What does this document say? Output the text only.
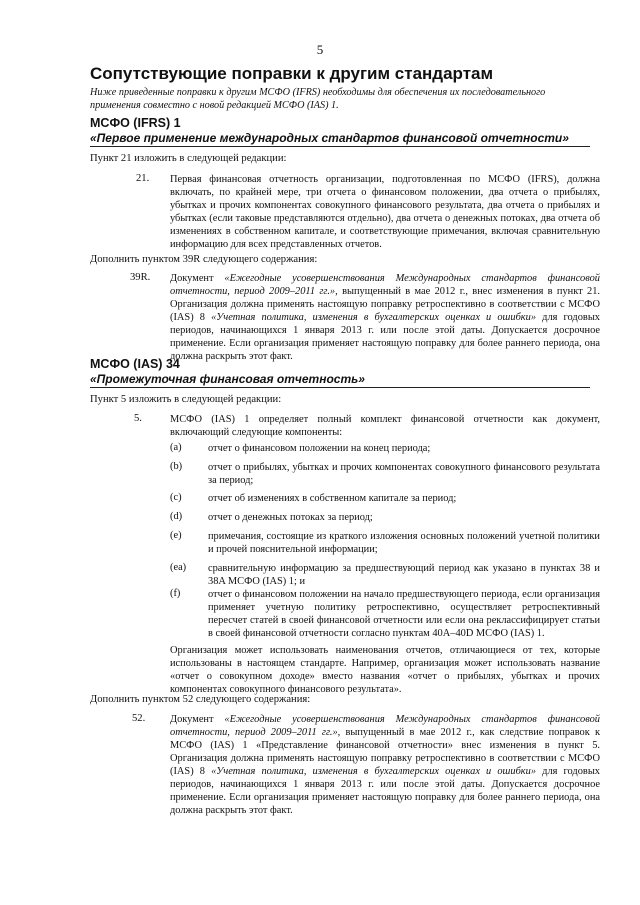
5
Сопутствующие поправки к другим стандартам
Ниже приведенные поправки к другим МСФО (IFRS) необходимы для обеспечения их последовательного применения совместно с новой редакцией МСФО (IAS) 1.
МСФО (IFRS) 1
«Первое применение международных стандартов финансовой отчетности»
Пункт 21 изложить в следующей редакции:
21. Первая финансовая отчетность организации, подготовленная по МСФО (IFRS), должна включать, по крайней мере, три отчета о финансовом положении, два отчета о прибылях, убытках и прочих компонентах совокупного финансового результата, два отчета о прибылях и убытках (если таковые представляются отдельно), два отчета о денежных потоках, два отчета об изменениях в собственном капитале, и соответствующие примечания, включая сравнительную информацию для всех представленных отчетов.
Дополнить пунктом 39R следующего содержания:
39R. Документ «Ежегодные усовершенствования Международных стандартов финансовой отчетности, период 2009–2011 гг.», выпущенный в мае 2012 г., внес изменения в пункт 21. Организация должна применять настоящую поправку ретроспективно в соответствии с МСФО (IAS) 8 «Учетная политика, изменения в бухгалтерских оценках и ошибки» для годовых периодов, начинающихся 1 января 2013 г. или после этой даты. Допускается досрочное применение. Если организация применяет настоящую поправку для более раннего периода, она должна раскрыть этот факт.
МСФО (IAS) 34
«Промежуточная финансовая отчетность»
Пункт 5 изложить в следующей редакции:
5.	МСФО (IAS) 1 определяет полный комплект финансовой отчетности как документ, включающий следующие компоненты:
(a)	отчет о финансовом положении на конец периода;
(b) отчет о прибылях, убытках и прочих компонентах совокупного финансового результата за период;
(c)	отчет об изменениях в собственном капитале за период;
(d) отчет о денежных потоках за период;
(e)	примечания, состоящие из краткого изложения основных положений учетной политики и прочей пояснительной информации;
(ea) сравнительную информацию за предшествующий период как указано в пунктах 38 и 38A МСФО (IAS) 1; и
(f)	отчет о финансовом положении на начало предшествующего периода, если организация применяет учетную политику ретроспективно, осуществляет ретроспективный пересчет статей в своей финансовой отчетности или если она реклассифицирует статьи в своей финансовой отчетности согласно пунктам 40A–40D МСФО (IAS) 1.
Организация может использовать наименования отчетов, отличающиеся от тех, которые использованы в настоящем стандарте. Например, организация может использовать название «отчет о совокупном доходе» вместо названия «отчет о прибылях, убытках и прочих компонентах совокупного финансового результата».
Дополнить пунктом 52 следующего содержания:
52. Документ «Ежегодные усовершенствования Международных стандартов финансовой отчетности, период 2009–2011 гг.», выпущенный в мае 2012 г., как следствие поправок к МСФО (IAS) 1 «Представление финансовой отчетности» внес изменения в пункт 5. Организация должна применять настоящую поправку ретроспективно в соответствии с МСФО (IAS) 8 «Учетная политика, изменения в бухгалтерских оценках и ошибки» для годовых периодов, начинающихся 1 января 2013 г. или после этой даты. Допускается досрочное применение. Если организация применяет настоящую поправку для более раннего периода, она должна раскрыть этот факт.
